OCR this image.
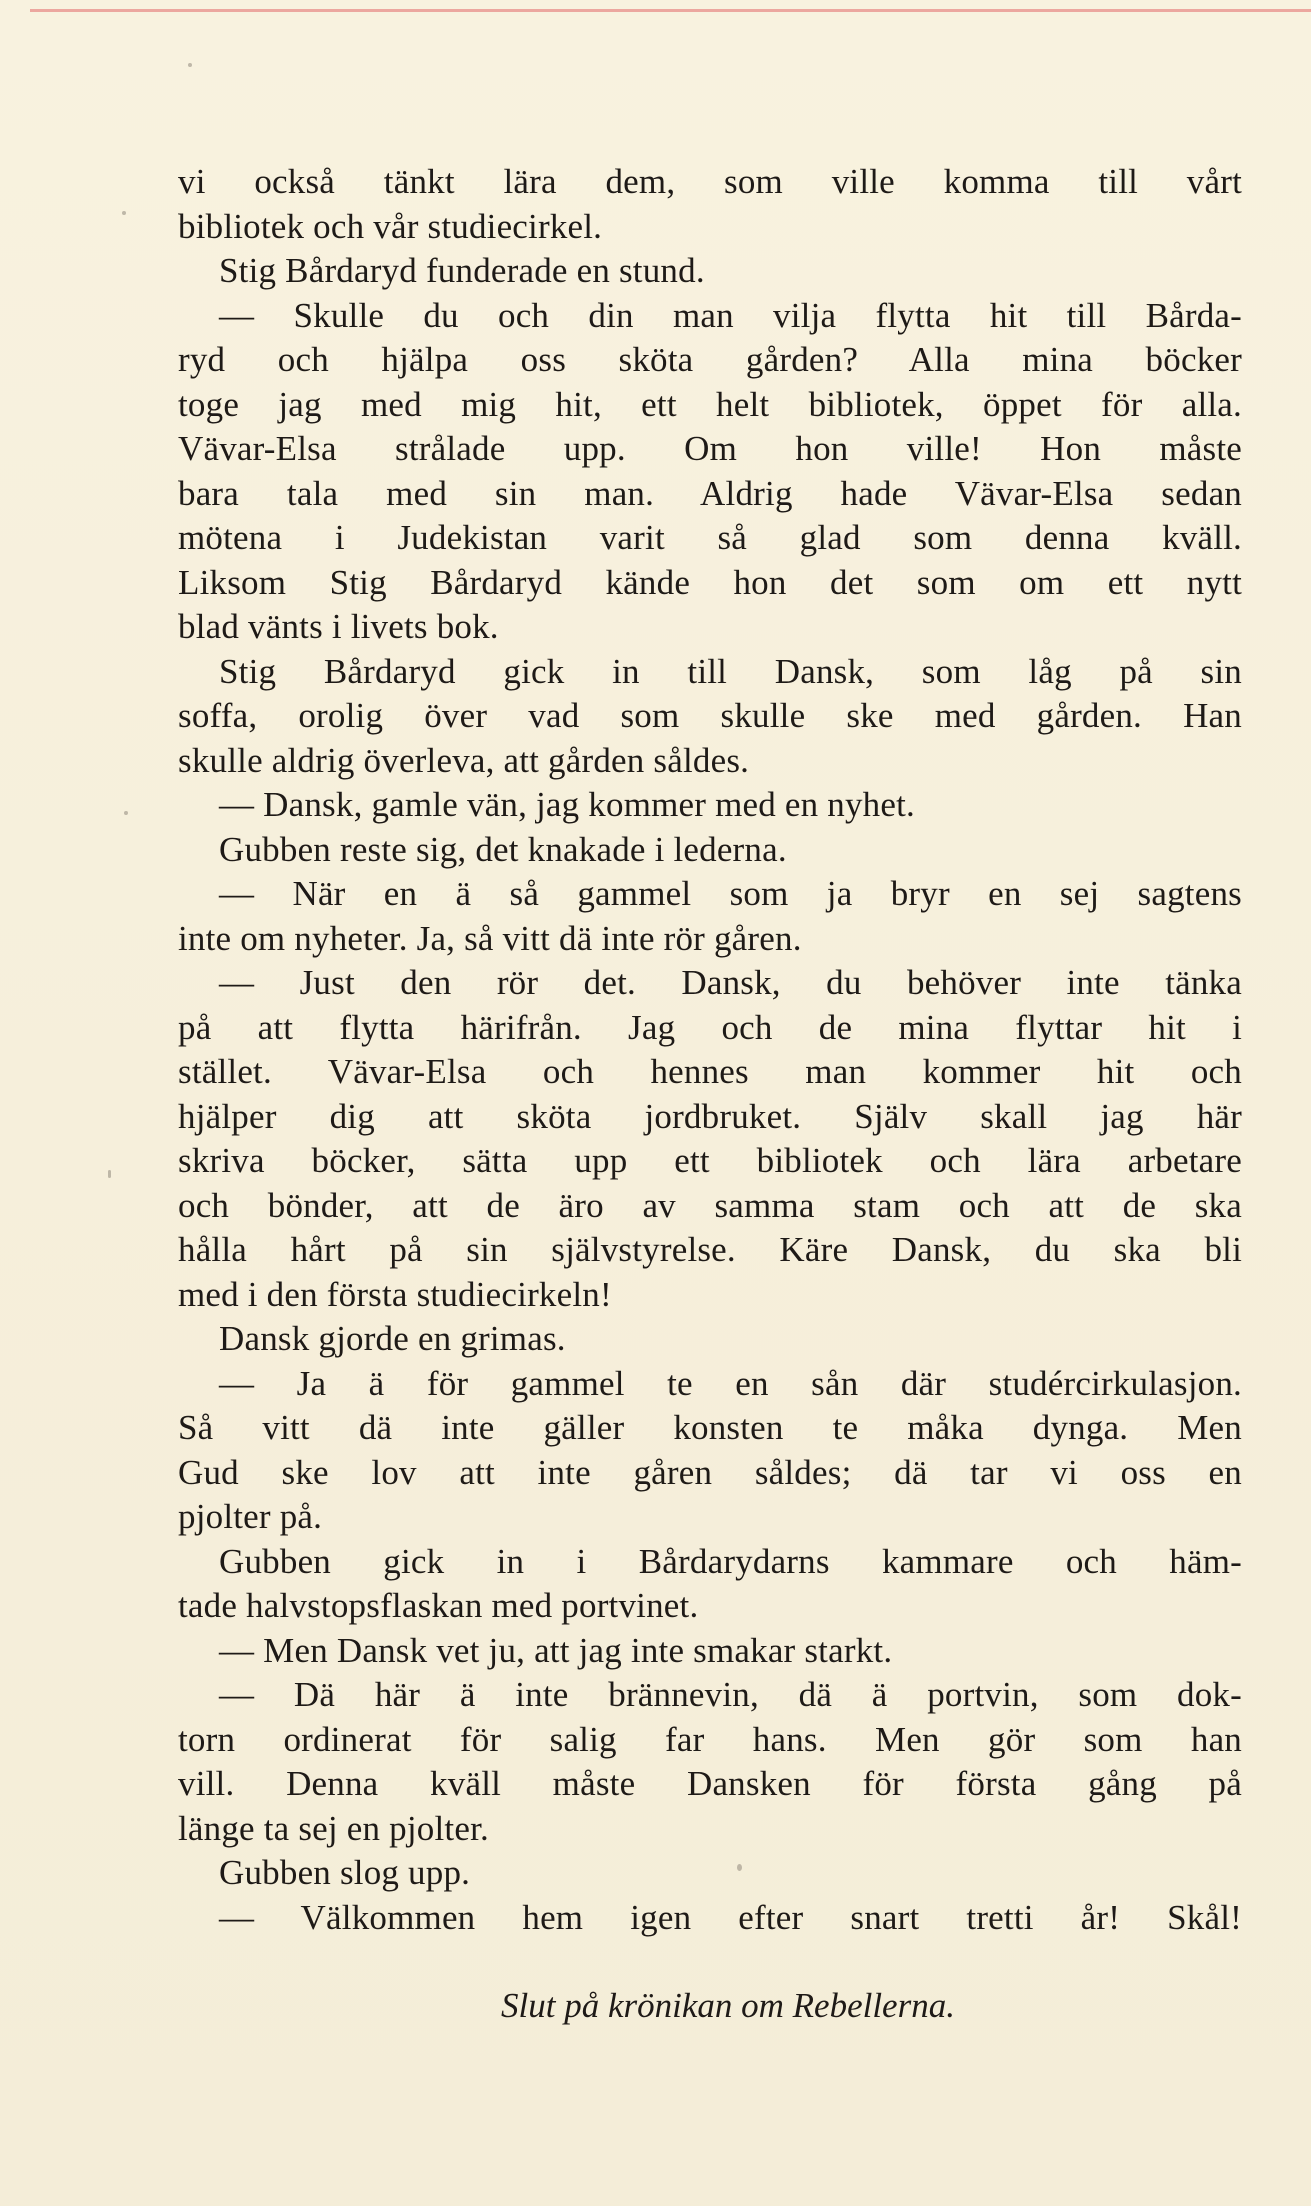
vi också tänkt lära dem, som ville komma till vårt
bibliotek och vår studiecirkel.
Stig Bårdaryd funderade en stund.
— Skulle du och din man vilja flytta hit till Bårda-
ryd och hjälpa oss sköta gården? Alla mina böcker
toge jag med mig hit, ett helt bibliotek, öppet för alla.
Vävar-Elsa strålade upp. Om hon ville! Hon måste
bara tala med sin man. Aldrig hade Vävar-Elsa sedan
mötena i Judekistan varit så glad som denna kväll.
Liksom Stig Bårdaryd kände hon det som om ett nytt
blad vänts i livets bok.
Stig Bårdaryd gick in till Dansk, som låg på sin
soffa, orolig över vad som skulle ske med gården. Han
skulle aldrig överleva, att gården såldes.
— Dansk, gamle vän, jag kommer med en nyhet.
Gubben reste sig, det knakade i lederna.
— När en ä så gammel som ja bryr en sej sagtens
inte om nyheter. Ja, så vitt dä inte rör gåren.
— Just den rör det. Dansk, du behöver inte tänka
på att flytta härifrån. Jag och de mina flyttar hit i
stället. Vävar-Elsa och hennes man kommer hit och
hjälper dig att sköta jordbruket. Själv skall jag här
skriva böcker, sätta upp ett bibliotek och lära arbetare
och bönder, att de äro av samma stam och att de ska
hålla hårt på sin självstyrelse. Käre Dansk, du ska bli
med i den första studiecirkeln!
Dansk gjorde en grimas.
— Ja ä för gammel te en sån där studércirkulasjon.
Så vitt dä inte gäller konsten te måka dynga. Men
Gud ske lov att inte gåren såldes; dä tar vi oss en
pjolter på.
Gubben gick in i Bårdarydarns kammare och häm-
tade halvstopsflaskan med portvinet.
— Men Dansk vet ju, att jag inte smakar starkt.
— Dä här ä inte brännevin, dä ä portvin, som dok-
torn ordinerat för salig far hans. Men gör som han
vill. Denna kväll måste Dansken för första gång på
länge ta sej en pjolter.
Gubben slog upp.
— Välkommen hem igen efter snart tretti år! Skål!
Slut på krönikan om Rebellerna.
